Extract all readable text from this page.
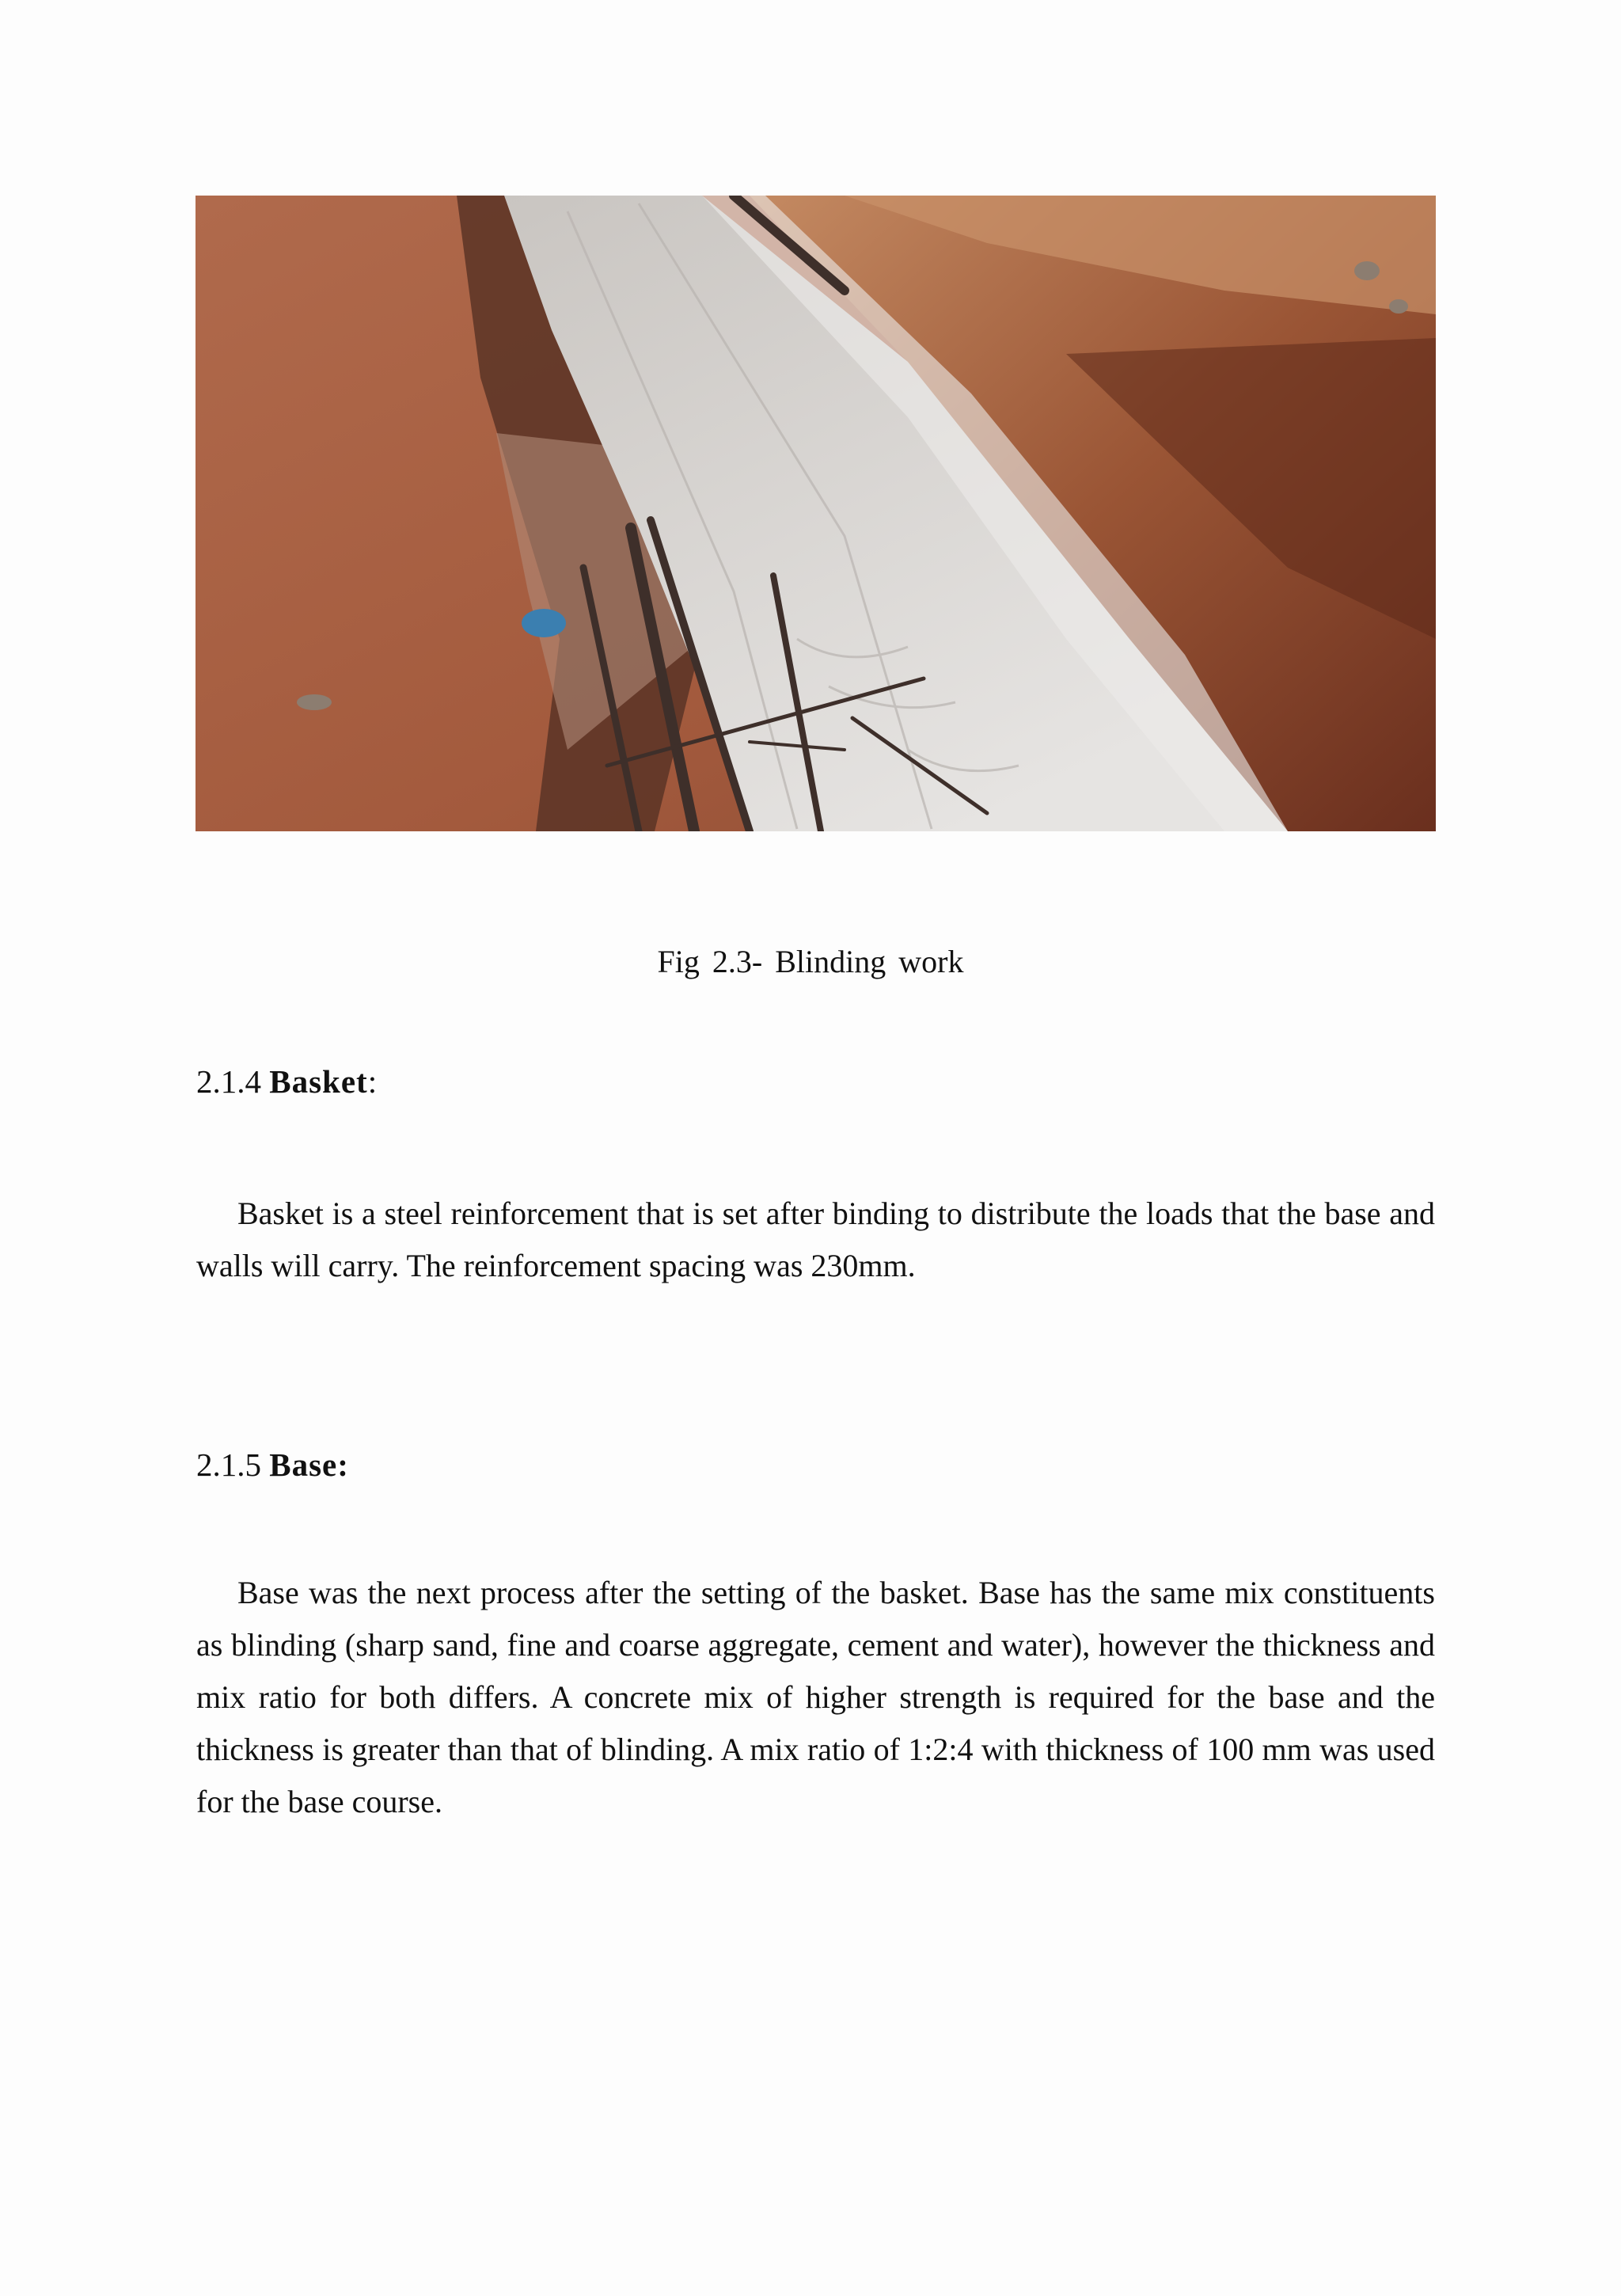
Fig 2.3- Blinding work
2.1.4 Basket:

Basket is a steel reinforcement that is set after binding to distribute the loads that the base and walls will carry. The reinforcement spacing was 230mm.

2.1.5 Base:

Base was the next process after the setting of the basket. Base has the same mix constituents as blinding (sharp sand, fine and coarse aggregate, cement and water), however the thickness and mix ratio for both differs. A concrete mix of higher strength is required for the base and the thickness is greater than that of blinding. A mix ratio of 1:2:4 with thickness of 100 mm was used for the base course.
